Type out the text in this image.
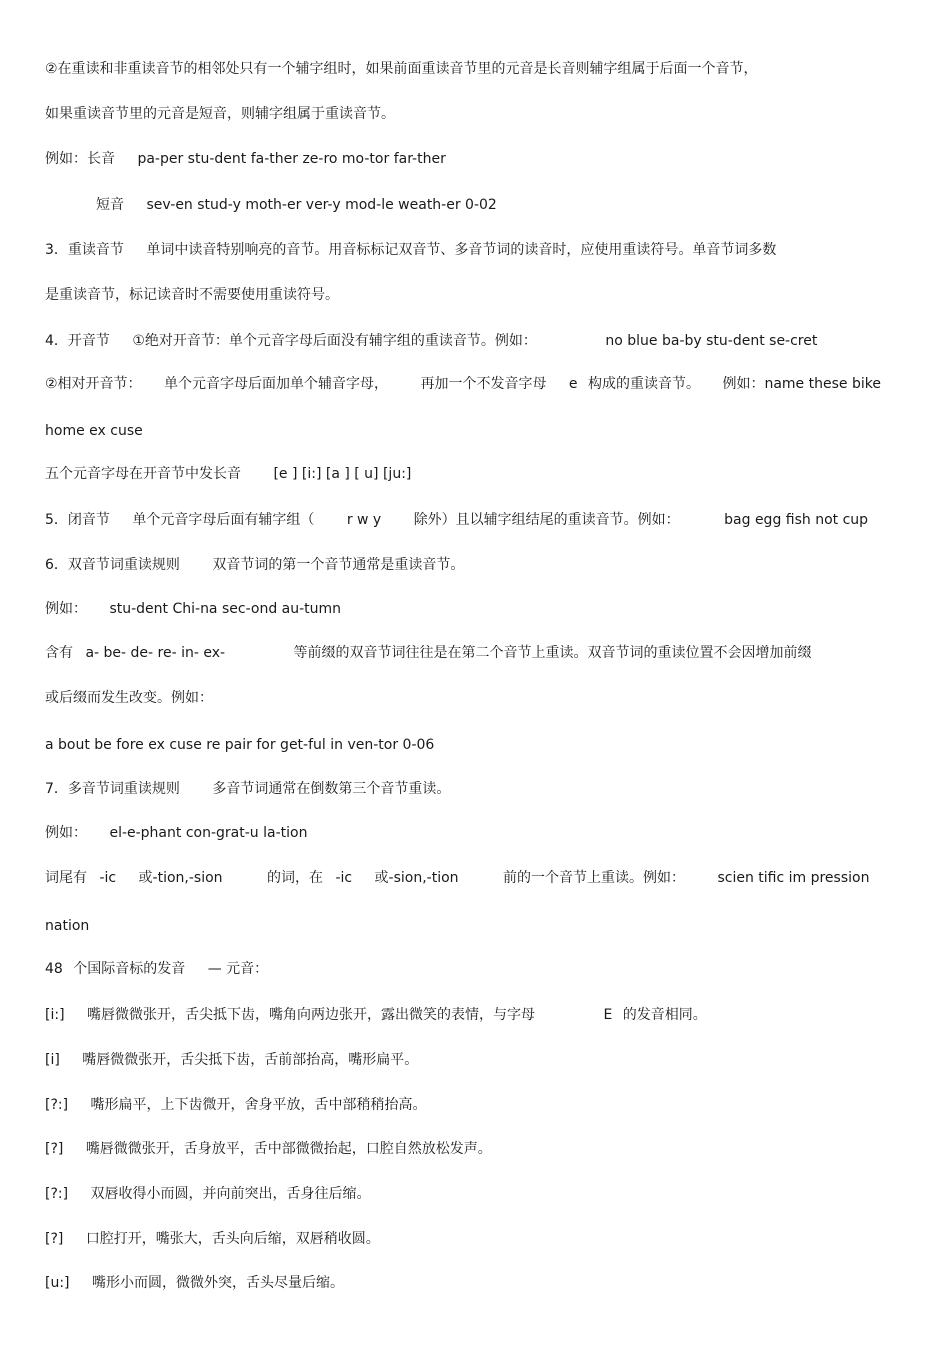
②在重读和非重读音节的相邻处只有一个辅字组时，如果前面重读音节里的元音是长音则辅字组属于后面一个音节，
如果重读音节里的元音是短音，则辅字组属于重读音节。
例如：长音 pa-per stu-dent fa-ther ze-ro mo-tor far-ther
短音 sev-en stud-y moth-er ver-y mod-le weath-er 0-02
3．重读音节 单词中读音特别响亮的音节。用音标标记双音节、多音节词的读音时，应使用重读符号。单音节词多数
是重读音节，标记读音时不需要使用重读符号。
4．开音节 ①绝对开音节：单个元音字母后面没有辅字组的重读音节。例如：	no blue ba-by stu-dent se-cret
②相对开音节： 单个元音字母后面加单个辅音字母， 再加一个不发音字母 e 构成的重读音节。 例如：name these bike
home ex cuse
五个元音字母在开音节中发长音 [e ] [i:] [a ] [ u] [ju:]
5．闭音节 单个元音字母后面有辅字组（ r w y 除外）且以辅字组结尾的重读音节。例如：	bag egg fish not cup
6．双音节词重读规则 双音节词的第一个音节通常是重读音节。
例如： stu-dent Chi-na sec-ond au-tumn
含有 a- be- de- re- in- ex-	等前缀的双音节词往往是在第二个音节上重读。双音节词的重读位置不会因增加前缀
或后缀而发生改变。例如：
a bout be fore ex cuse re pair for get-ful in ven-tor 0-06
7．多音节词重读规则 多音节词通常在倒数第三个音节重读。
例如： el-e-phant con-grat-u la-tion
词尾有 -ic 或-tion,-sion	的词，在 -ic 或-sion,-tion	前的一个音节上重读。例如： scien tific im pression
nation
48 个国际音标的发音 — 元音：
[i:] 嘴唇微微张开，舌尖抵下齿，嘴角向两边张开，露出微笑的表情，与字母	E 的发音相同。
[i] 嘴唇微微张开，舌尖抵下齿，舌前部抬高，嘴形扁平。
[?:] 嘴形扁平，上下齿微开，舍身平放，舌中部稍稍抬高。
[?] 嘴唇微微张开，舌身放平，舌中部微微抬起，口腔自然放松发声。
[?:] 双唇收得小而圆，并向前突出，舌身往后缩。
[?] 口腔打开，嘴张大，舌头向后缩，双唇稍收圆。
[u:] 嘴形小而圆，微微外突，舌头尽量后缩。
